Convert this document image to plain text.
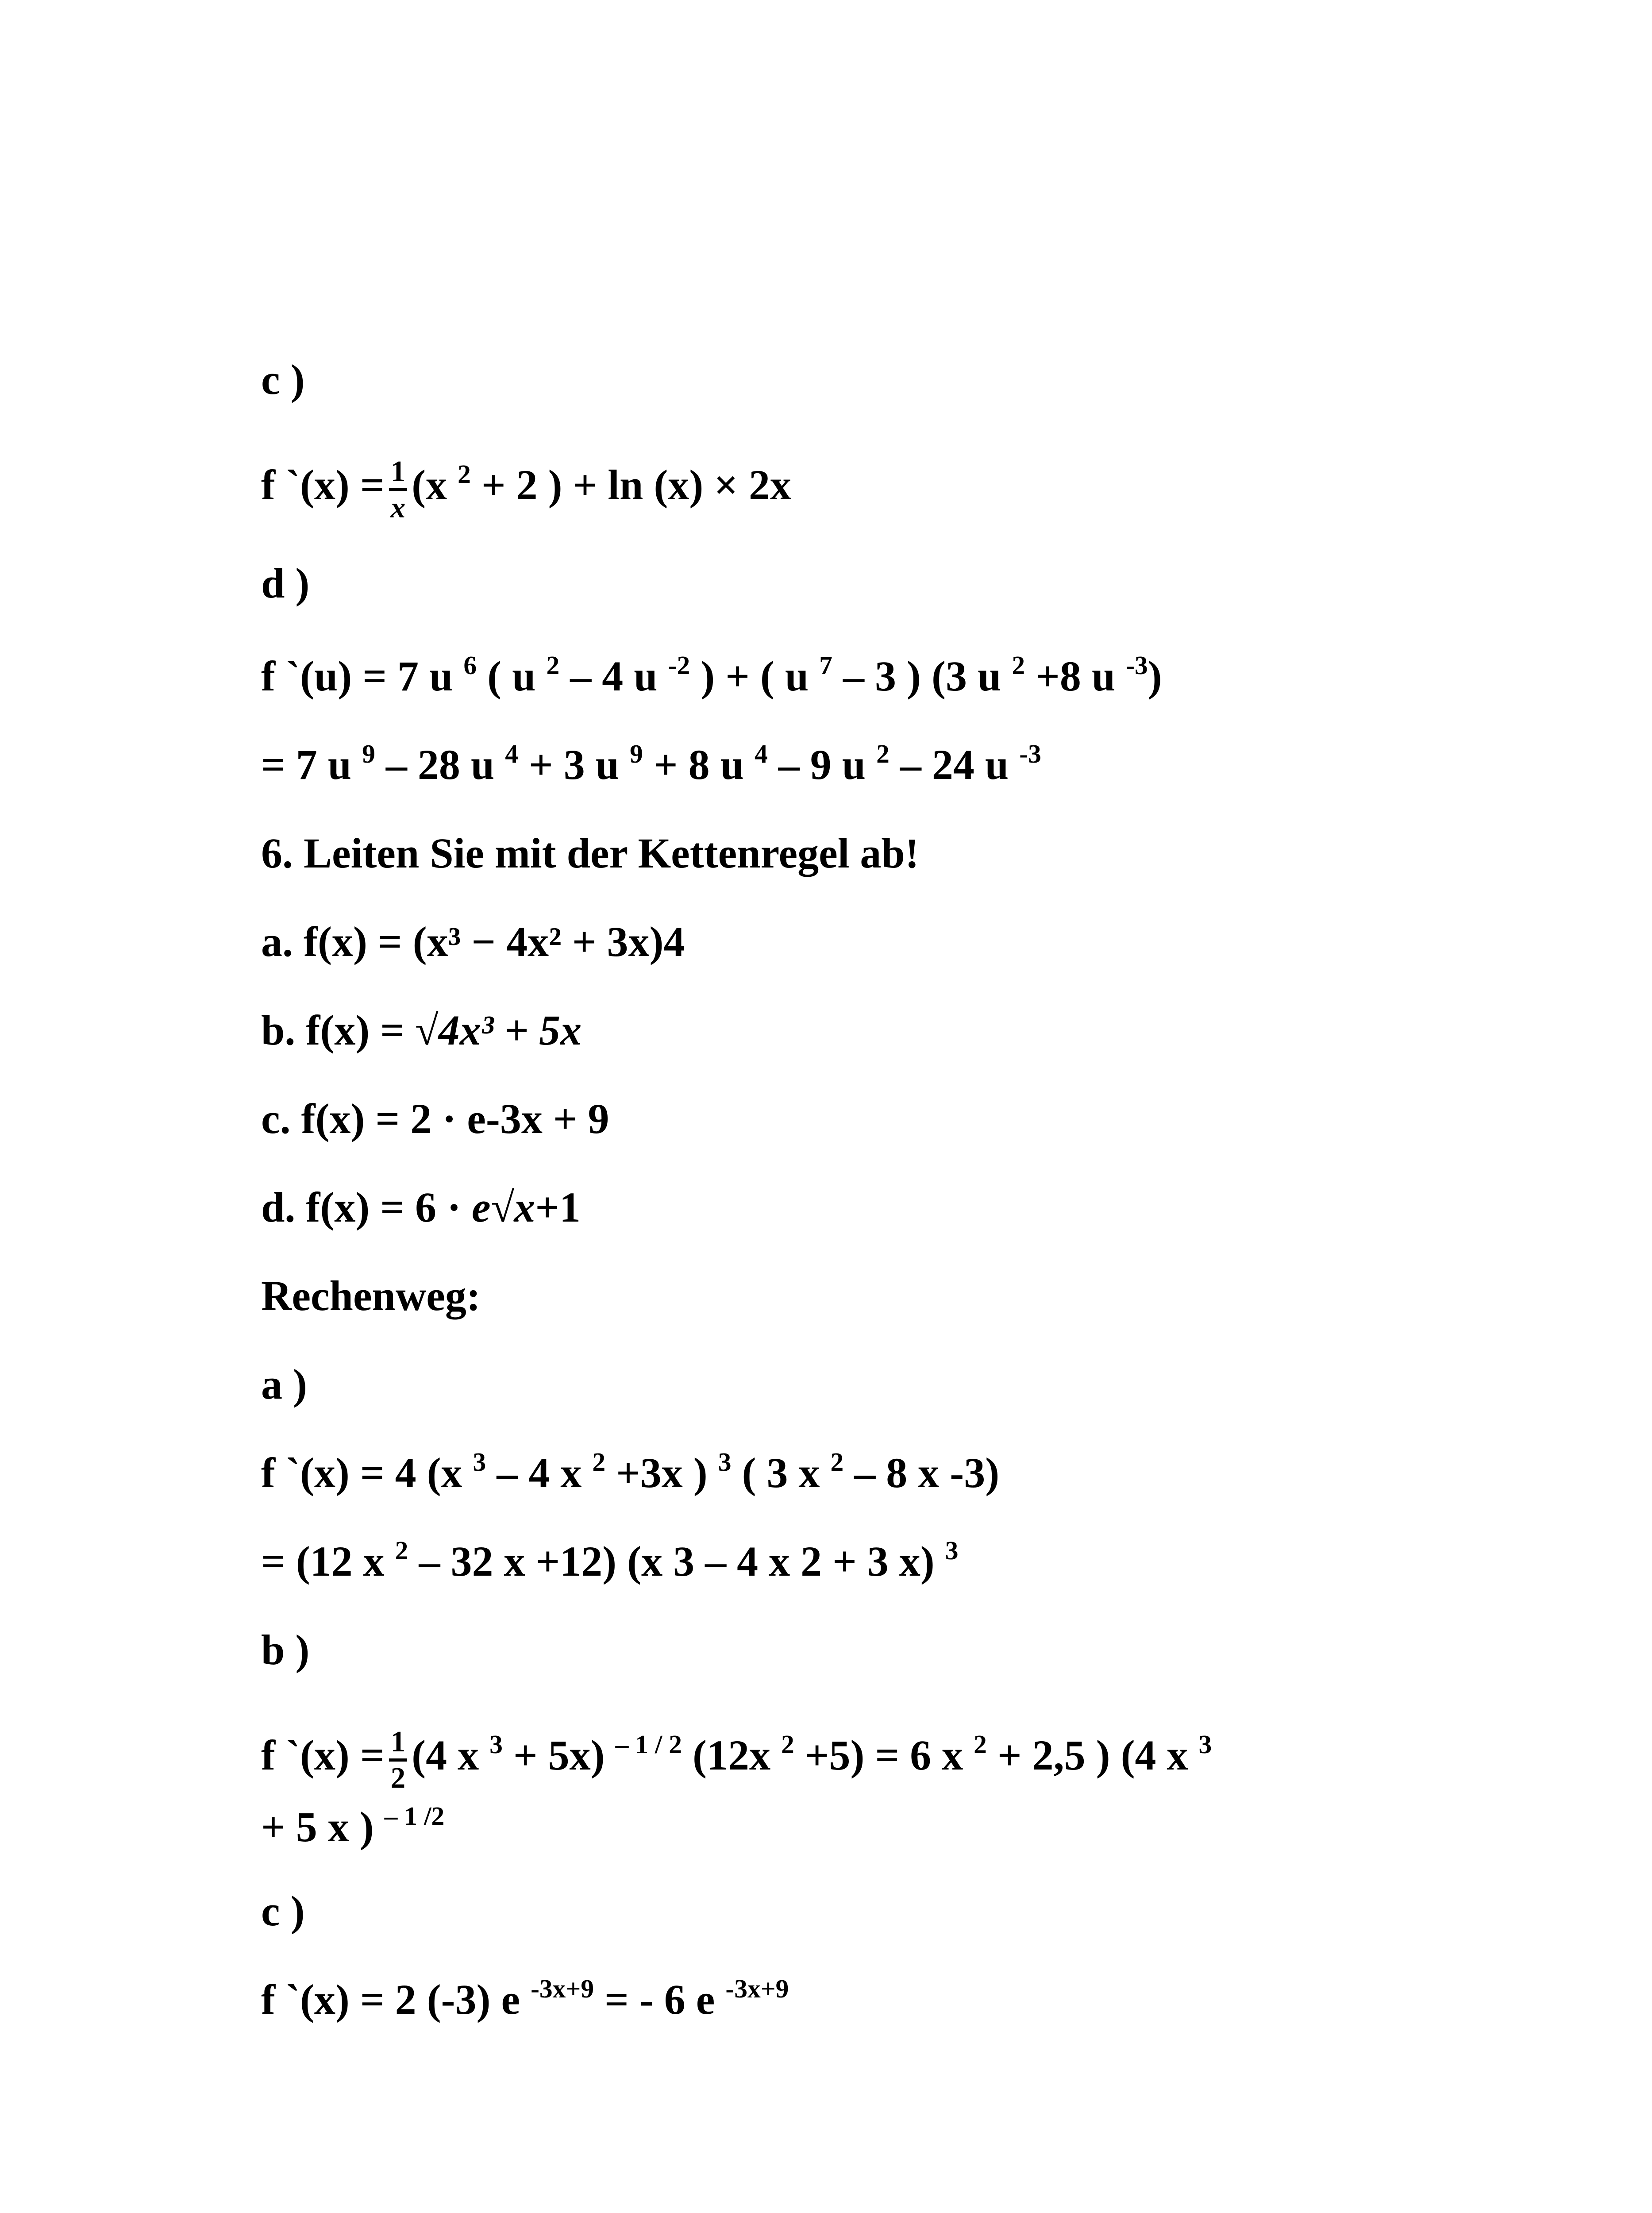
c )
f `(x) = $\frac{1}{x} (x$ $^2$ + 2 ) + ln (x) × 2x
d )
f `(u) = 7 u $^6$ ( u $^2$ – 4 u $^{-2}$ ) + ( u $^7$ – 3 ) (3 u $^2$ +8 u $^{-3}$)
= 7 u $^9$ – 28 u $^4$ + 3 u $^9$ + 8 u $^4$ – 9 u $^2$ – 24 u $^{-3}$
6. Leiten Sie mit der Kettenregel ab!
a. f(x) = (x³ − 4x² + 3x)4
b. f(x) = √4x³ + 5x
c. f(x) = 2 · e-3x + 9
d. f(x) = 6 · e√x+1
Rechenweg:
a )
f `(x) = 4 (x $^3$ – 4 x $^2$ +3x ) $^3$ ( 3 x $^2$ – 8 x -3)
= (12 x $^2$ – 32 x +12) (x 3 – 4 x 2 + 3 x) $^3$
b )
f `(x) = $\frac{1}{2} (4$ x $^3$ + 5x) $^{- 1 / 2}$ (12x $^2$ +5) = 6 x $^2$ + 2,5 ) (4 x $^3$
+ 5 x ) $^{- 1 /2}$
c )
f `(x) = 2 (-3) e $^{-3x+9}$ = - 6 e $^{-3x+9}$
